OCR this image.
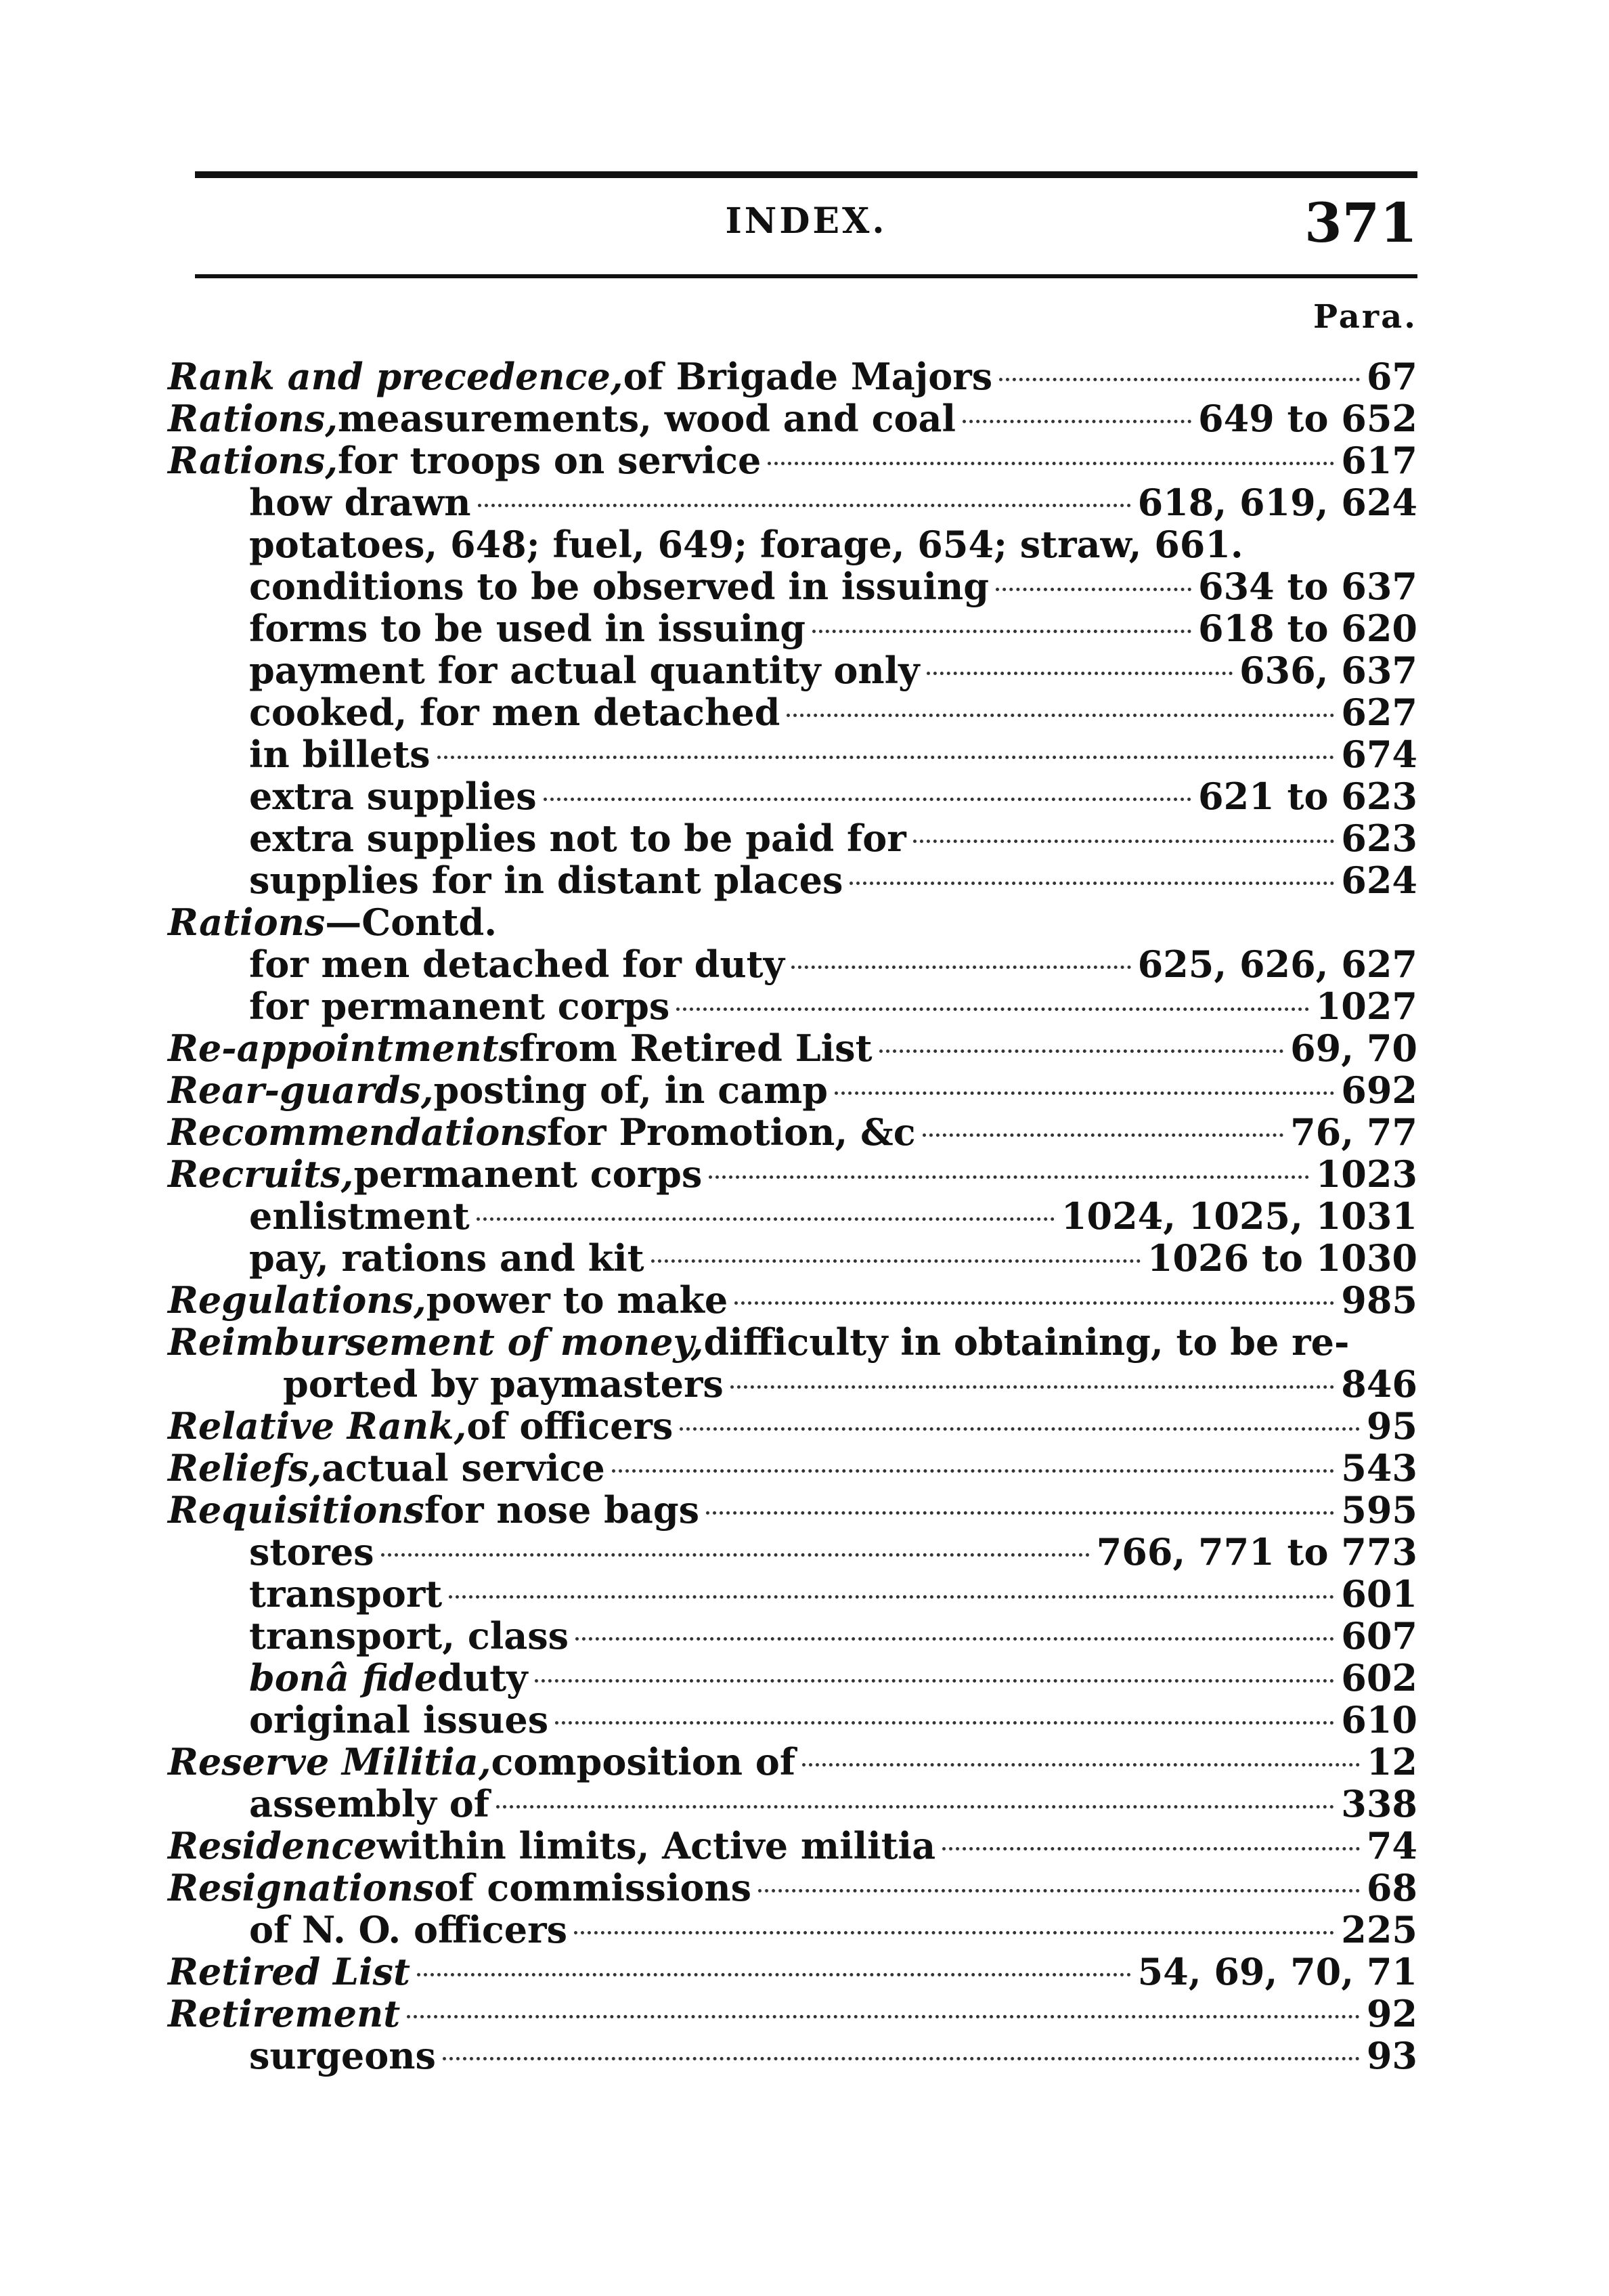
INDEX.	371
Para.
Rank and precedence, of Brigade Majors	67
Rations, measurements, wood and coal	649 to 652
Rations, for troops on service	617
how drawn	618, 619, 624
potatoes, 648; fuel, 649; forage, 654; straw, 661.
conditions to be observed in issuing	634 to 637
forms to be used in issuing	618 to 620
payment for actual quantity only	636, 637
cooked, for men detached	627
in billets	674
extra supplies	621 to 623
extra supplies not to be paid for	623
supplies for in distant places	624
Rations —Contd.
for men detached for duty	625, 626, 627
for permanent corps	1027
Re-appointments from Retired List	69, 70
Rear-guards, posting of, in camp	692
Recommendations for Promotion, &c	76, 77
Recruits, permanent corps	1023
enlistment	1024, 1025, 1031
pay, rations and kit	1026 to 1030
Regulations, power to make	985
Reimbursement of money, difficulty in obtaining, to be re-
ported by paymasters	846
Relative Rank, of officers	95
Reliefs, actual service	543
Requisitions for nose bags	595
stores	766, 771 to 773
transport	601
transport, class	607
bonâ fide duty	602
original issues	610
Reserve Militia, composition of	12
assembly of	338
Residence within limits, Active militia	74
Resignations of commissions	68
of N. O. officers	225
Retired List	54, 69, 70, 71
Retirement	92
surgeons	93
